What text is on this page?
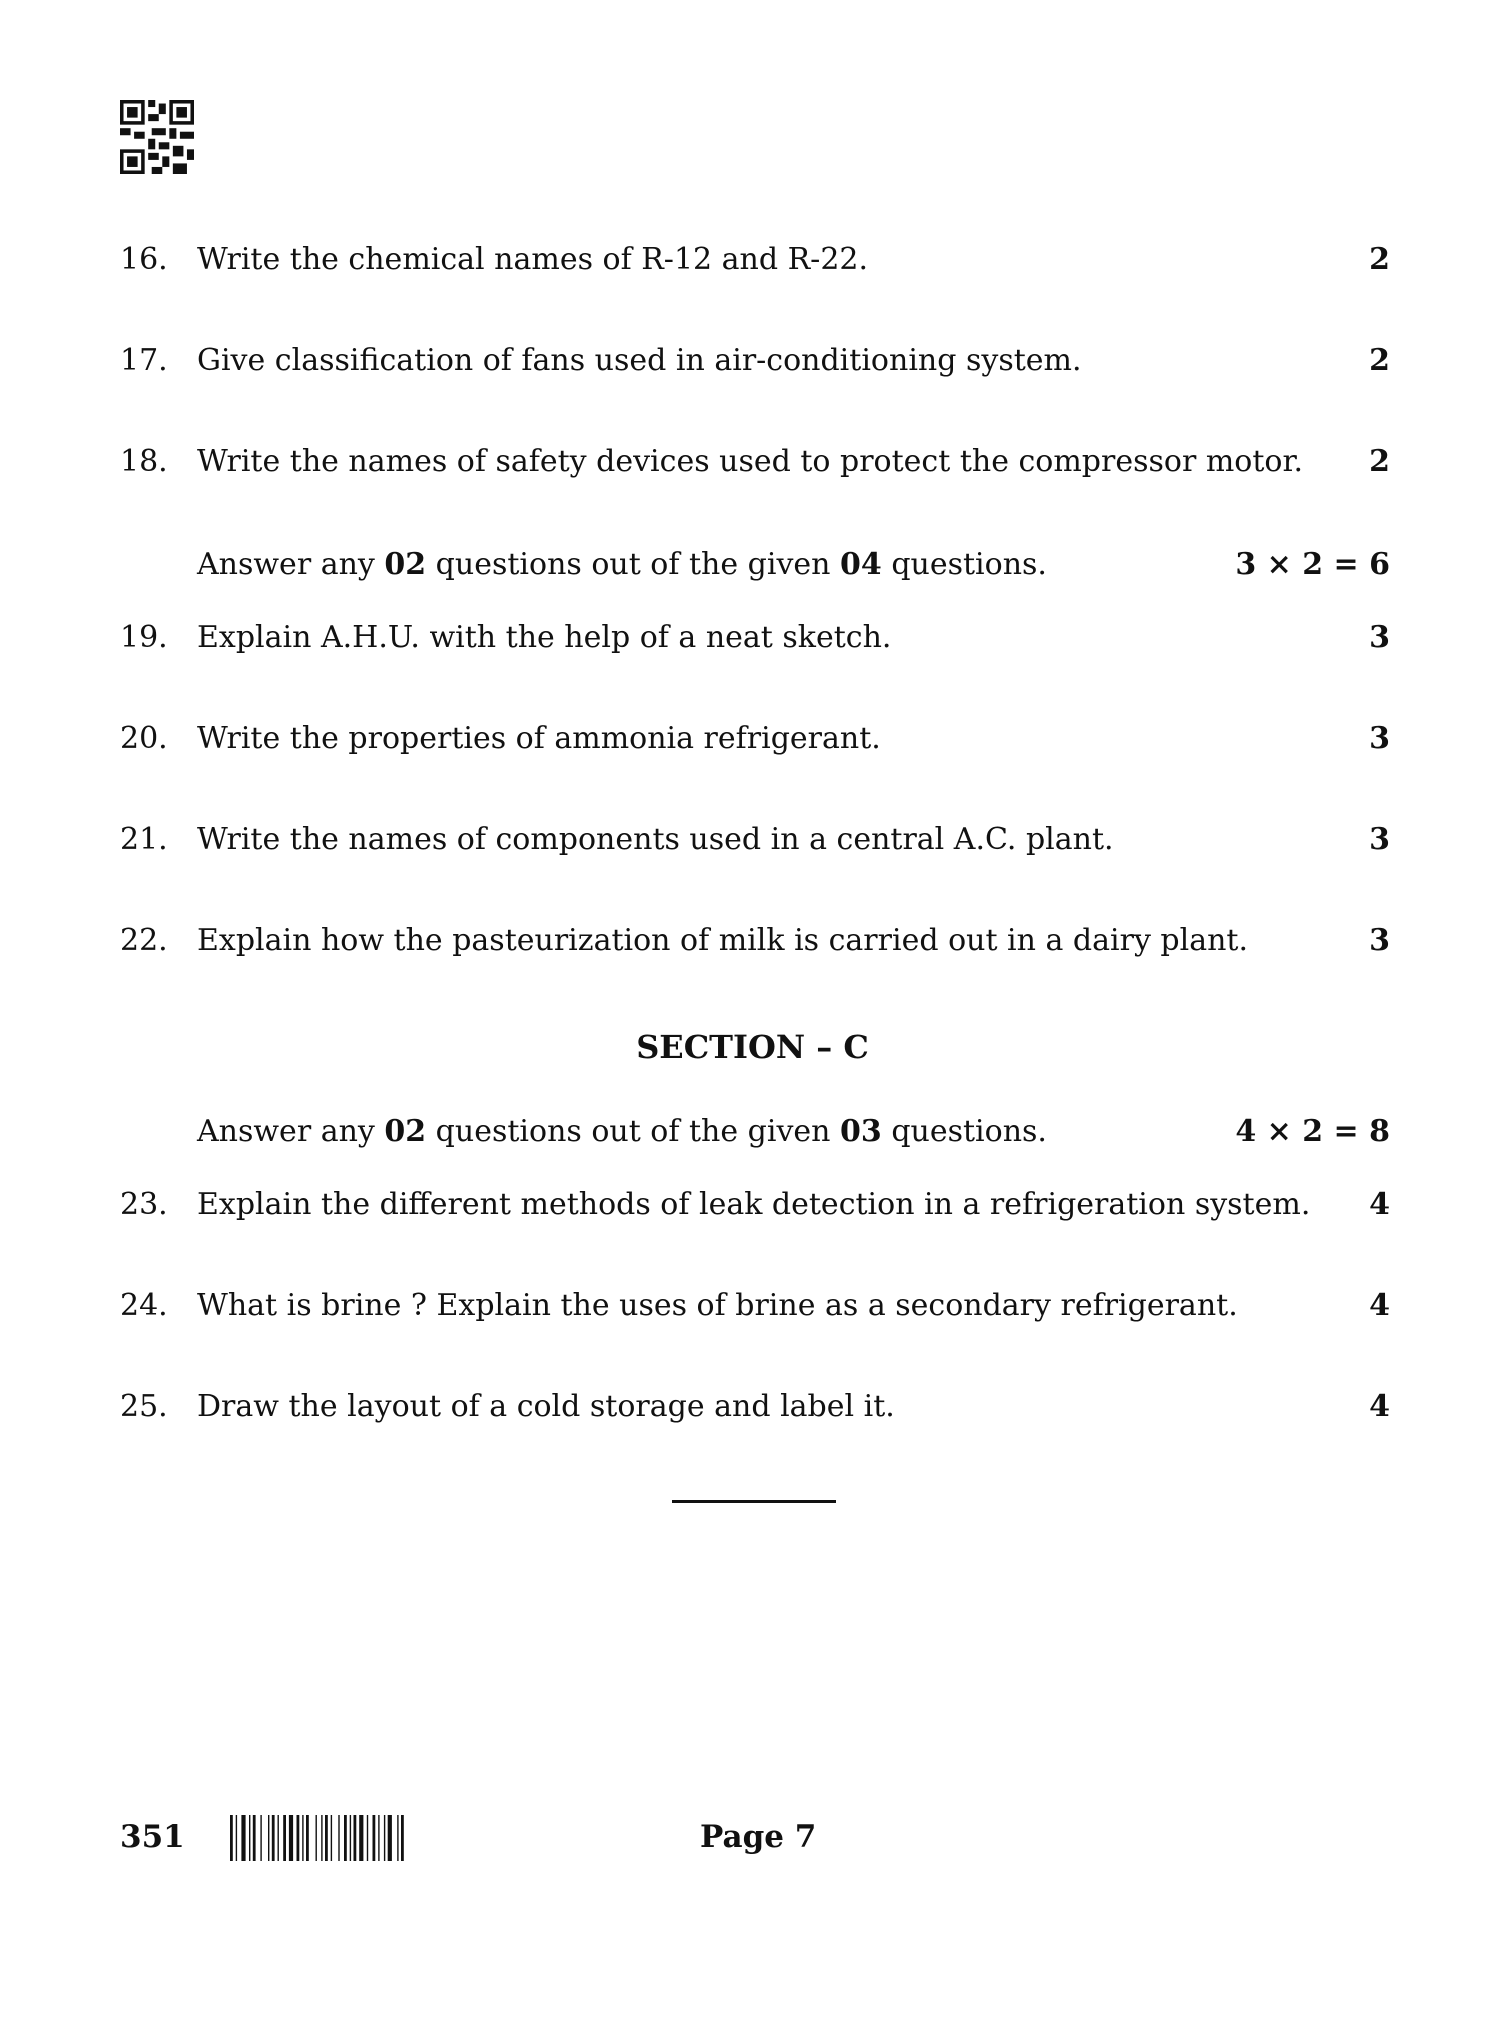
16. Write the chemical names of R-12 and R-22.	2
17. Give classification of fans used in air-conditioning system.	2
18. Write the names of safety devices used to protect the compressor motor. 2
Answer any 02 questions out of the given 04 questions.	3 × 2 = 6
19. Explain A.H.U. with the help of a neat sketch.	3
20. Write the properties of ammonia refrigerant.	3
21. Write the names of components used in a central A.C. plant.	3
22. Explain how the pasteurization of milk is carried out in a dairy plant.	3
SECTION – C
Answer any 02 questions out of the given 03 questions.	4 × 2 = 8
23. Explain the different methods of leak detection in a refrigeration system. 4
24. What is brine ? Explain the uses of brine as a secondary refrigerant.	4
25. Draw the layout of a cold storage and label it.	4
351	Page 7
